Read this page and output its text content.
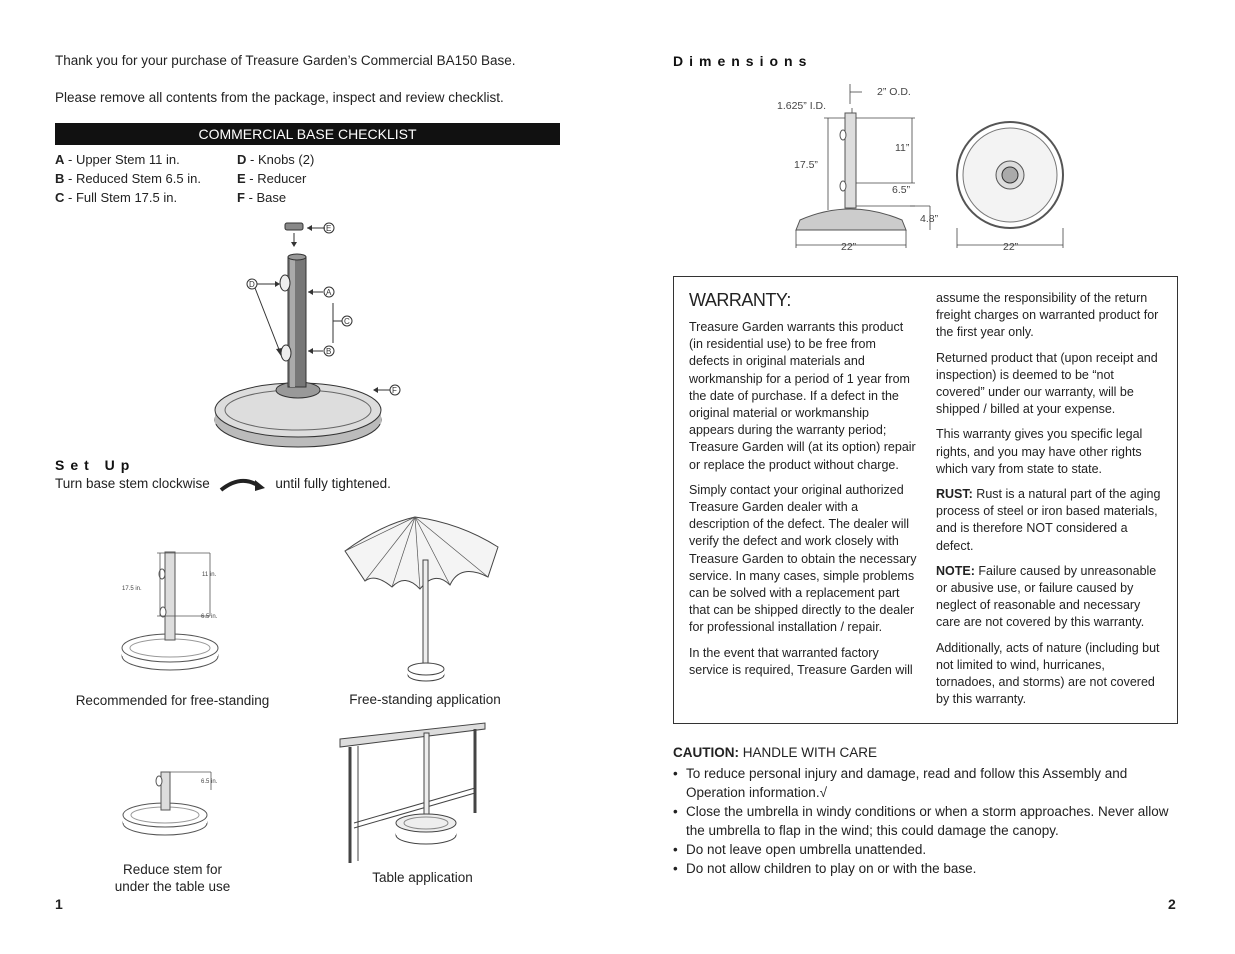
Thank you for your purchase of Treasure Garden’s Commercial BA150 Base.
Please remove all contents from the package, inspect and review checklist.
COMMERCIAL BASE CHECKLIST
A - Upper Stem 11 in.
B - Reduced Stem 6.5 in.
C - Full Stem 17.5 in.
D - Knobs (2)
E - Reducer
F - Base
E
D
A
C
B
F
Set Up
Turn base stem clockwise	until fully tightened.
17.5 in.
11 in.
6.5 in.
Recommended for free-standing	Free-standing application
6.5 in.
Reduce stem for
under the table use
Table application
1
Dimensions
2” O.D.
1.625” I.D.
17.5”
11”
6.5”
22”
4.8”
22”
WARRANTY:

Treasure Garden warrants this product (in residential use) to be free from defects in original materials and workmanship for a period of 1 year from the date of purchase. If a defect in the original material or workmanship appears during the warranty period; Treasure Garden will (at its option) repair or replace the product without charge.

Simply contact your original authorized Treasure Garden dealer with a description of the defect. The dealer will verify the defect and work closely with Treasure Garden to obtain the necessary service. In many cases, simple problems can be solved with a replacement part that can be shipped directly to the dealer for professional installation / repair.

In the event that warranted factory service is required, Treasure Garden will

assume the responsibility of the return freight charges on warranted product for the first year only.

Returned product that (upon receipt and inspection) is deemed to be “not covered” under our warranty, will be shipped / billed at your expense.

This warranty gives you specific legal rights, and you may have other rights which vary from state to state.

RUST: Rust is a natural part of the aging process of steel or iron based materials, and is therefore NOT considered a defect.

NOTE: Failure caused by unreasonable or abusive use, or failure caused by neglect of reasonable and necessary care are not covered by this warranty.

Additionally, acts of nature (including but not limited to wind, hurricanes, tornadoes, and storms) are not covered by this warranty.

CAUTION: HANDLE WITH CARE
• To reduce personal injury and damage, read and follow this Assembly and Operation information.√
• Close the umbrella in windy conditions or when a storm approaches. Never allow the umbrella to flap in the wind; this could damage the canopy.
• Do not leave open umbrella unattended.
• Do not allow children to play on or with the base.
2
